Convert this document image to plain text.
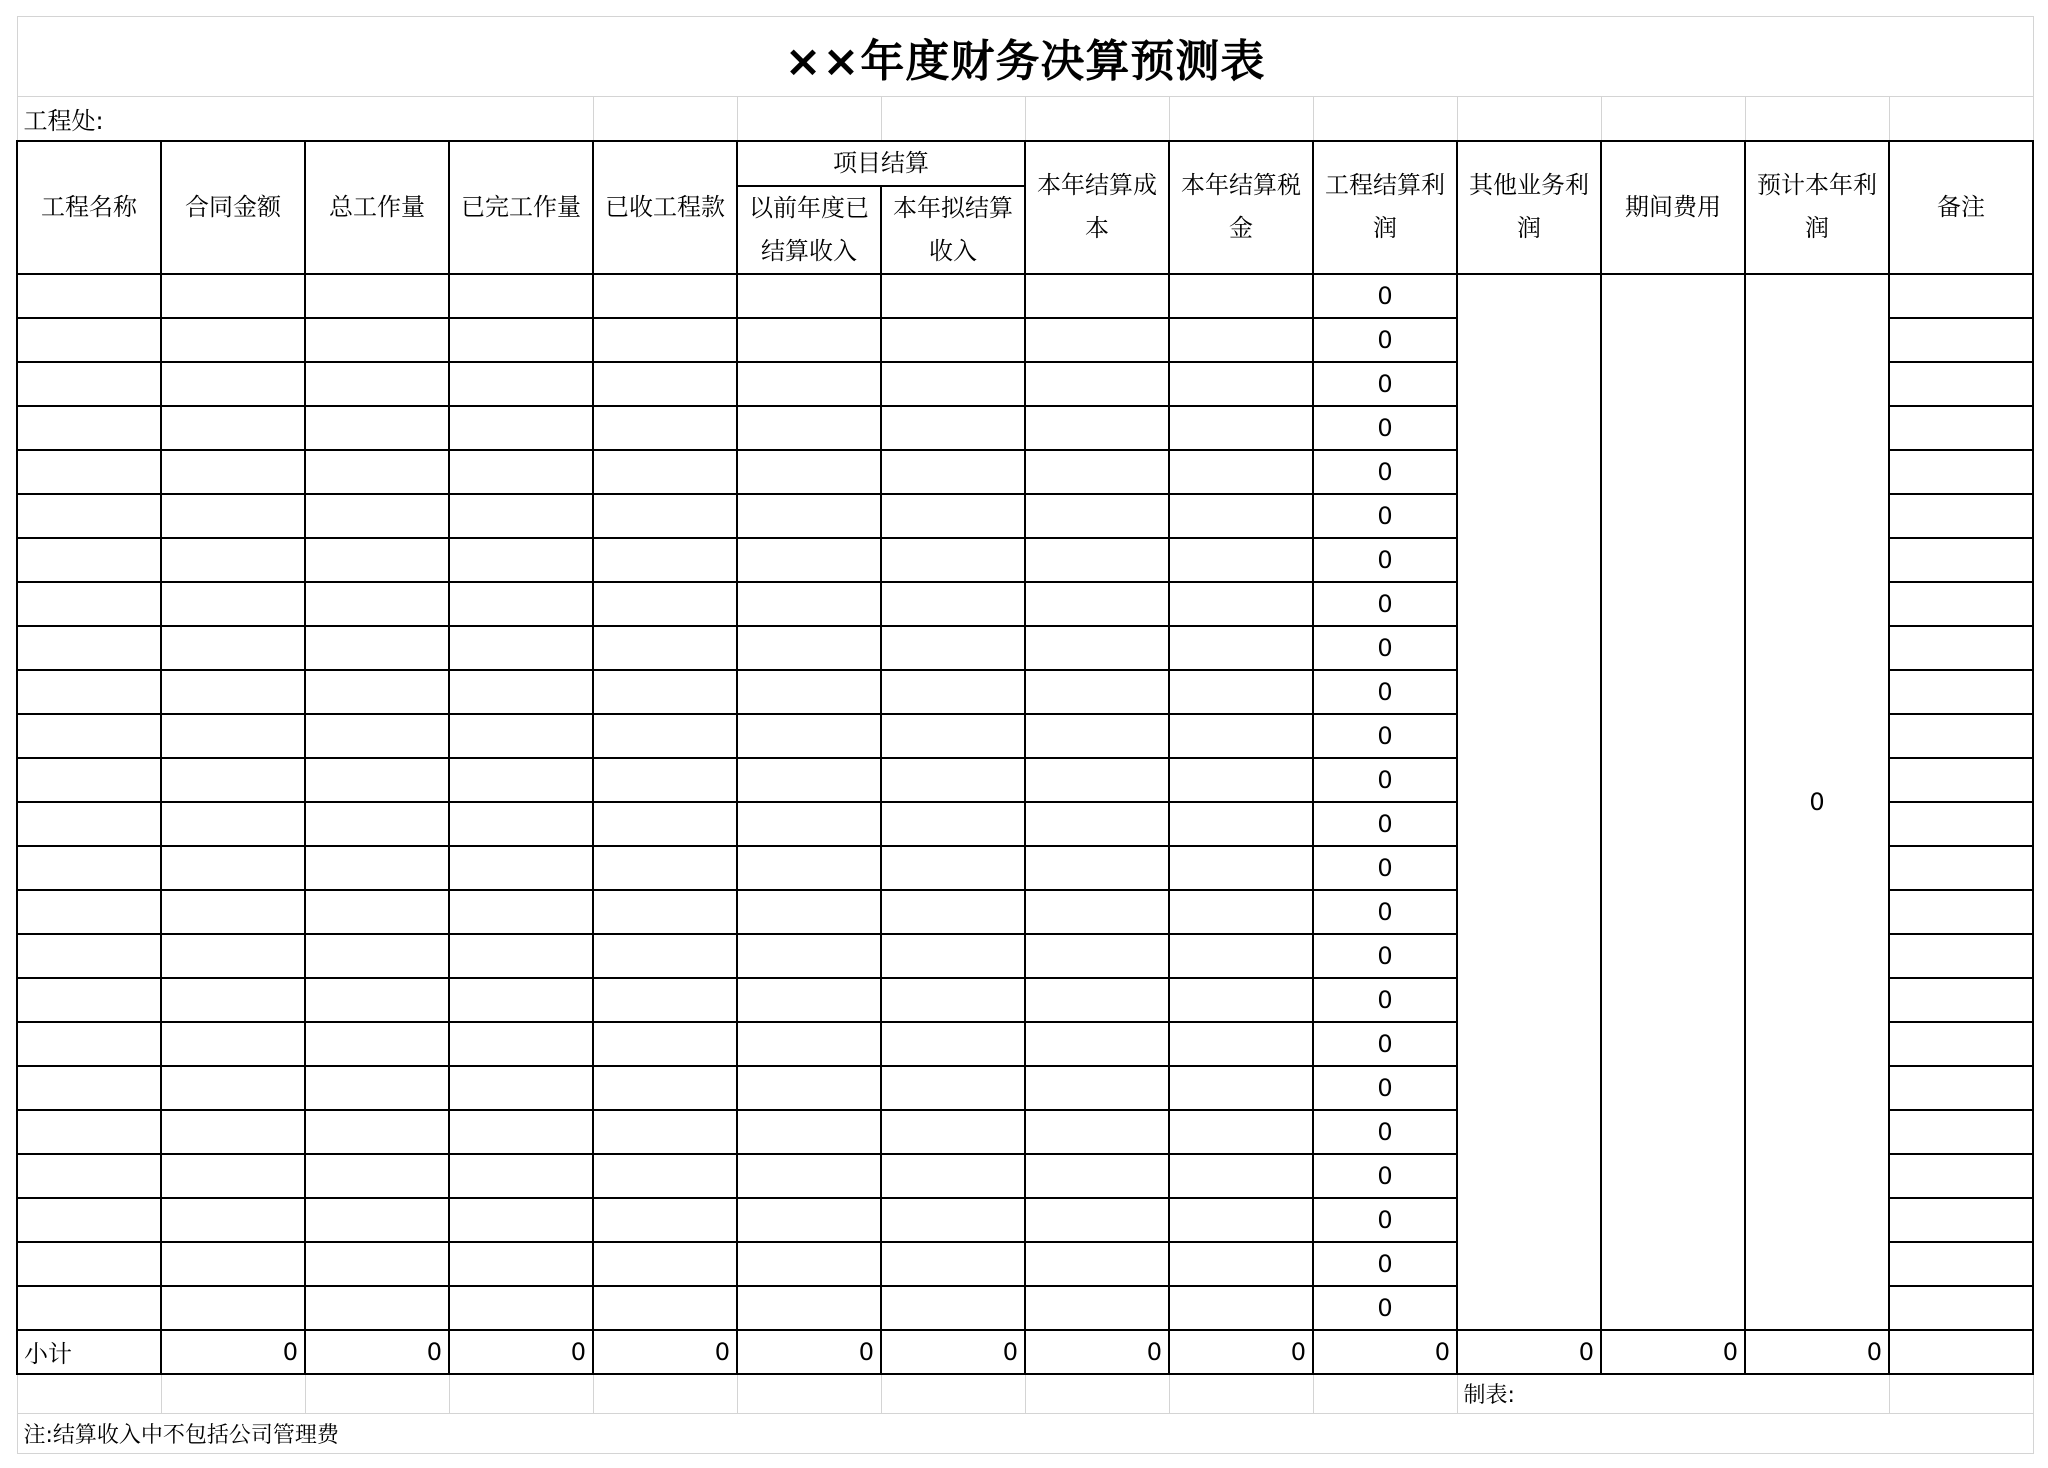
××年度财务决算预测表													
工程处:													
工程名称	合同金额	总工作量	已完工作量	已收工程款	项目结算		本年结算成本	本年结算税金	工程结算利润	其他业务利润	期间费用	预计本年利润	备注
					以前年度已结算收入	本年拟结算收入							

									0			0	
									0				
									0				
									0				
									0				
									0				
									0				
									0				
									0				
									0				
									0				
									0				
									0				
									0				
									0				
									0				
									0				
									0				
									0				
									0				
									0				
									0				
									0				
									0				
小计	0	0	0	0	0	0	0	0	0	0	0	0	
										制表:			
注:结算收入中不包括公司管理费													
